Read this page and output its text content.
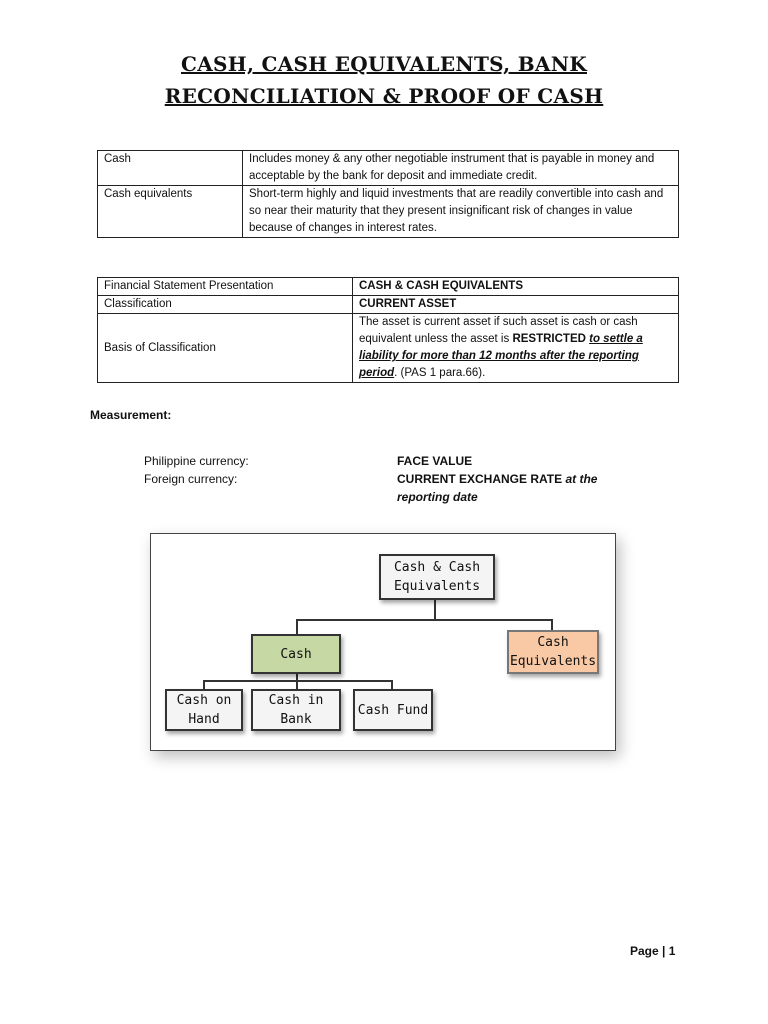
CASH, CASH EQUIVALENTS, BANK
RECONCILIATION & PROOF OF CASH
Cash	Includes money & any other negotiable instrument that is payable in money and acceptable by the bank for deposit and immediate credit.
Cash equivalents	Short-term highly and liquid investments that are readily convertible into cash and so near their maturity that they present insignificant risk of changes in value because of changes in interest rates.
Financial Statement Presentation	CASH & CASH EQUIVALENTS
Classification	CURRENT ASSET
Basis of Classification	The asset is current asset if such asset is cash or cash equivalent unless the asset is RESTRICTED to settle a liability for more than 12 months after the reporting period. (PAS 1 para.66).
Measurement:
Philippine currency:	FACE VALUE
Foreign currency:	CURRENT EXCHANGE RATE at the reporting date
Cash & Cash Equivalents
Cash
Cash Equivalents
Cash on Hand
Cash in Bank
Cash Fund
Page | 1
